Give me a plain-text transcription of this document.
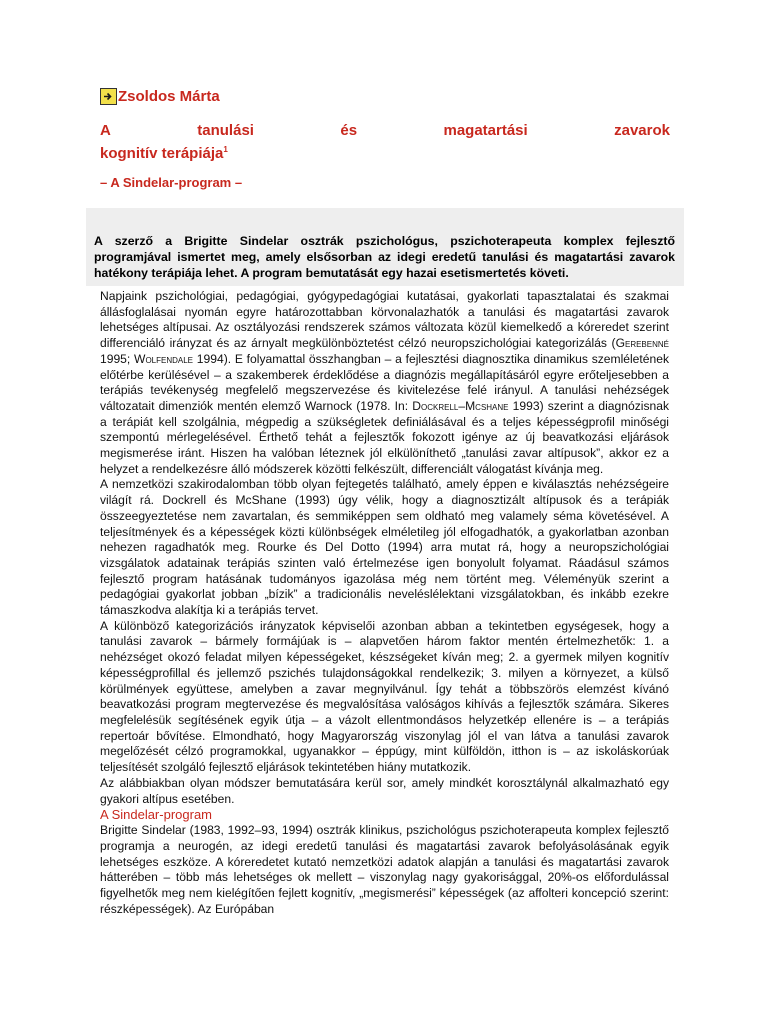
Zsoldos Márta
A	tanulási	és	magatartási	zavarok
kognitív terápiája$^1$
– A Sindelar-program –

A szerző a Brigitte Sindelar osztrák pszichológus, pszichoterapeuta komplex fejlesztő programjával ismertet meg, amely elsősorban az idegi eredetű tanulási és magatartási zavarok hatékony terápiája lehet. A program bemutatását egy hazai esetismertetés követi.

Napjaink pszichológiai, pedagógiai, gyógypedagógiai kutatásai, gyakorlati tapasztalatai és szakmai állásfoglalásai nyomán egyre határozottabban körvonalazhatók a tanulási és magatartási zavarok lehetséges altípusai. Az osztályozási rendszerek számos változata közül kiemelkedő a kóreredet szerint differenciáló irányzat és az árnyalt megkülönböztetést célzó neuropszichológiai kategorizálás (Gerebenné 1995; Wolfendale 1994). E folyamattal összhangban – a fejlesztési diagnosztika dinamikus szemléletének előtérbe kerülésével – a szakemberek érdeklődése a diagnózis megállapításáról egyre erőteljesebben a terápiás tevékenység megfelelő megszervezése és kivitelezése felé irányul. A tanulási nehézségek változatait dimenziók mentén elemző Warnock (1978. In: Dockrell–Mcshane 1993) szerint a diagnózisnak a terápiát kell szolgálnia, mégpedig a szükségletek definiálásával és a teljes képességprofil minőségi szempontú mérlegelésével. Érthető tehát a fejlesztők fokozott igénye az új beavatkozási eljárások megismerése iránt. Hiszen ha valóban léteznek jól elkülöníthető „tanulási zavar altípusok”, akkor ez a helyzet a rendelkezésre álló módszerek közötti felkészült, differenciált válogatást kívánja meg.

A nemzetközi szakirodalomban több olyan fejtegetés található, amely éppen e kiválasztás nehézségeire világít rá. Dockrell és McShane (1993) úgy vélik, hogy a diagnosztizált altípusok és a terápiák összeegyeztetése nem zavartalan, és semmiképpen sem oldható meg valamely séma követésével. A teljesítmények és a képességek közti különbségek elméletileg jól elfogadhatók, a gyakorlatban azonban nehezen ragadhatók meg. Rourke és Del Dotto (1994) arra mutat rá, hogy a neuropszichológiai vizsgálatok adatainak terápiás szinten való értelmezése igen bonyolult folyamat. Ráadásul számos fejlesztő program hatásának tudományos igazolása még nem történt meg. Véleményük szerint a pedagógiai gyakorlat jobban „bízik” a tradicionális neveléslélektani vizsgálatokban, és inkább ezekre támaszkodva alakítja ki a terápiás tervet.

A különböző kategorizációs irányzatok képviselői azonban abban a tekintetben egységesek, hogy a tanulási zavarok – bármely formájúak is – alapvetően három faktor mentén értelmezhetők: 1. a nehézséget okozó feladat milyen képességeket, készségeket kíván meg; 2. a gyermek milyen kognitív képességprofillal és jellemző pszichés tulajdonságokkal rendelkezik; 3. milyen a környezet, a külső körülmények együttese, amelyben a zavar megnyilvánul. Így tehát a többszörös elemzést kívánó beavatkozási program megtervezése és megvalósítása valóságos kihívás a fejlesztők számára. Sikeres megfelelésük segítésének egyik útja – a vázolt ellentmondásos helyzetkép ellenére is – a terápiás repertoár bővítése. Elmondható, hogy Magyarország viszonylag jól el van látva a tanulási zavarok megelőzését célzó programokkal, ugyanakkor – éppúgy, mint külföldön, itthon is – az iskoláskorúak teljesítését szolgáló fejlesztő eljárások tekintetében hiány mutatkozik.

Az alábbiakban olyan módszer bemutatására kerül sor, amely mindkét korosztálynál alkalmazható egy gyakori altípus esetében.

A Sindelar-program

Brigitte Sindelar (1983, 1992–93, 1994) osztrák klinikus, pszichológus pszichoterapeuta komplex fejlesztő programja a neurogén, az idegi eredetű tanulási és magatartási zavarok befolyásolásának egyik lehetséges eszköze. A kóreredetet kutató nemzetközi adatok alapján a tanulási és magatartási zavarok hátterében – több más lehetséges ok mellett – viszonylag nagy gyakorisággal, 20%-os előfordulással figyelhetők meg nem kielégítően fejlett kognitív, „megismerési” képességek (az affolteri koncepció szerint: részképességek). Az Európában
